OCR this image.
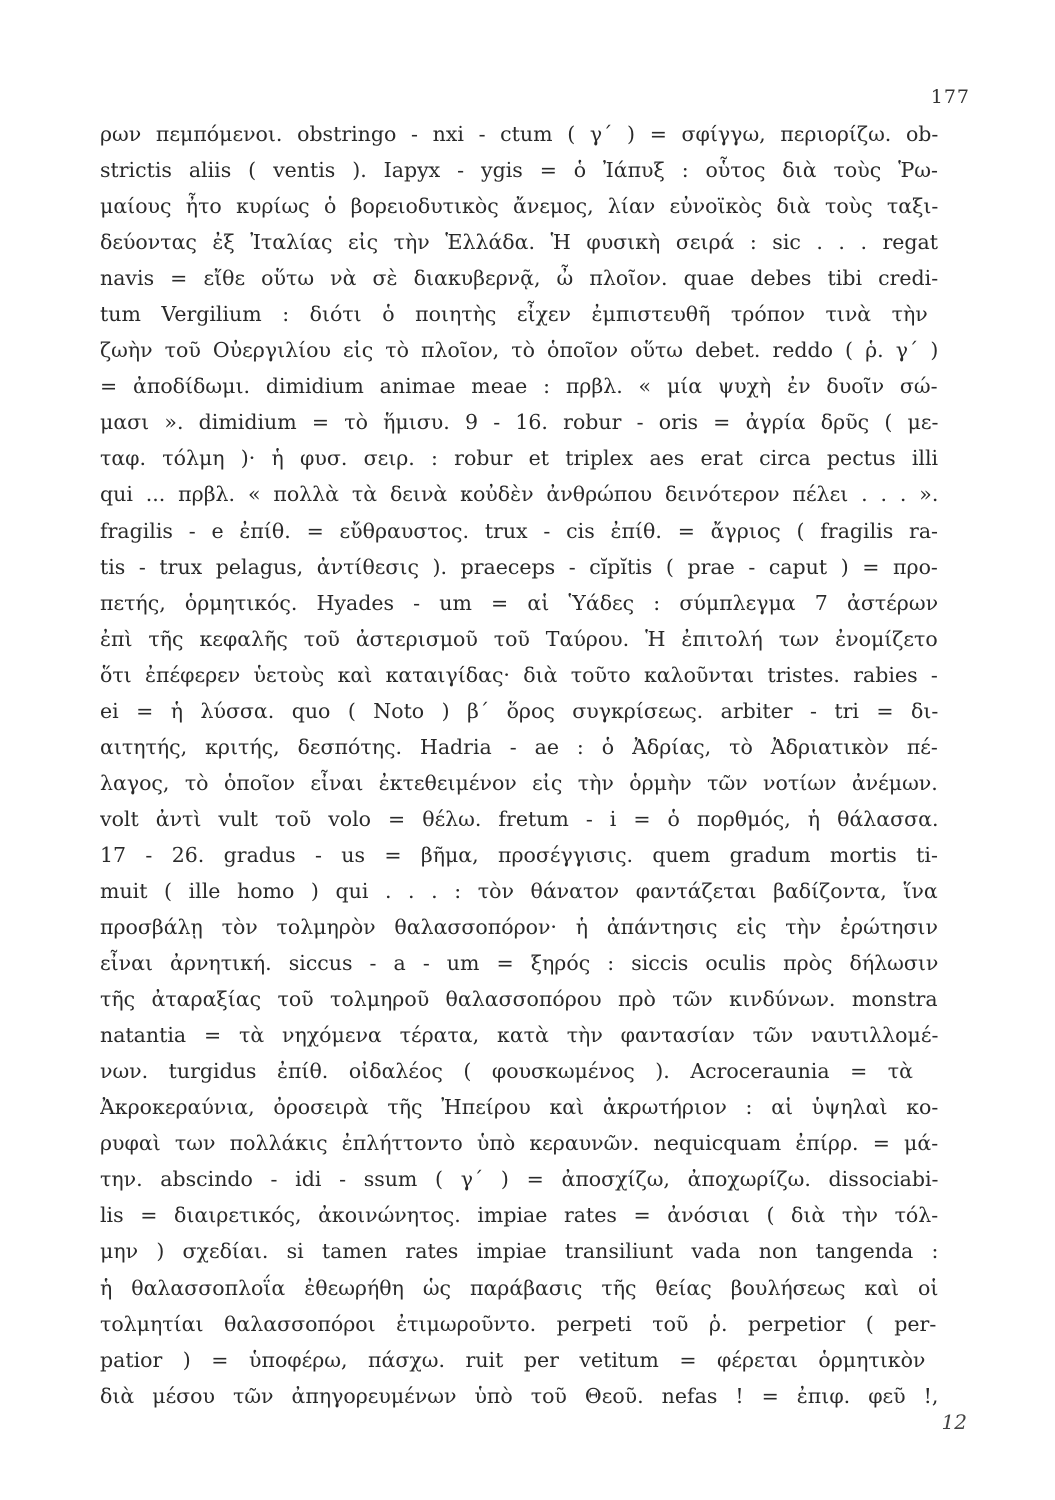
177
ρων πεμπόμενοι. obstringo - nxi - ctum ( γ΄ ) = σφίγγω, περιορίζω. ob-
strictis aliis ( ventis ). Iapyx - ygis = ὁ Ἰάπυξ : οὗτος διὰ τοὺς Ῥω-
μαίους ἦτο κυρίως ὁ βορειοδυτικὸς ἄνεμος, λίαν εὐνοϊκὸς διὰ τοὺς ταξι-
δεύοντας ἐξ Ἰταλίας εἰς τὴν Ἑλλάδα. Ἡ φυσικὴ σειρά : sic . . . regat
navis = εἴθε οὕτω νὰ σὲ διακυβερνᾷ, ὦ πλοῖον. quae debes tibi credi-
tum Vergilium : διότι ὁ ποιητὴς εἶχεν ἐμπιστευθῆ τρόπον τινὰ τὴν
ζωὴν τοῦ Οὐεργιλίου εἰς τὸ πλοῖον, τὸ ὁποῖον οὕτω debet. reddo ( ῥ. γ΄ )
= ἀποδίδωμι. dimidium animae meae : πρβλ. « μία ψυχὴ ἐν δυοῖν σώ-
μασι ». dimidium = τὸ ἥμισυ. 9 - 16. robur - oris = ἀγρία δρῦς ( με-
ταφ. τόλμη )· ἡ φυσ. σειρ. : robur et triplex aes erat circa pectus illi
qui ... πρβλ. « πολλὰ τὰ δεινὰ κοὐδὲν ἀνθρώπου δεινότερον πέλει . . . ».
fragilis - e ἐπίθ. = εὔθραυστος. trux - cis ἐπίθ. = ἄγριος ( fragilis ra-
tis - trux pelagus, ἀντίθεσις ). praeceps - cĭpĭtis ( prae - caput ) = προ-
πετής, ὁρμητικός. Hyades - um = αἱ Ὑάδες : σύμπλεγμα 7 ἀστέρων
ἐπὶ τῆς κεφαλῆς τοῦ ἀστερισμοῦ τοῦ Ταύρου. Ἡ ἐπιτολή των ἐνομίζετο
ὅτι ἐπέφερεν ὑετοὺς καὶ καταιγίδας· διὰ τοῦτο καλοῦνται tristes. rabies -
ei = ἡ λύσσα. quo ( Noto ) β΄ ὅρος συγκρίσεως. arbiter - tri = δι-
αιτητής, κριτής, δεσπότης. Hadria - ae : ὁ Ἀδρίας, τὸ Ἀδριατικὸν πέ-
λαγος, τὸ ὁποῖον εἶναι ἐκτεθειμένον εἰς τὴν ὁρμὴν τῶν νοτίων ἀνέμων.
volt ἀντὶ vult τοῦ volo = θέλω. fretum - i = ὁ πορθμός, ἡ θάλασσα.
17 - 26. gradus - us = βῆμα, προσέγγισις. quem gradum mortis ti-
muit ( ille homo ) qui . . . : τὸν θάνατον φαντάζεται βαδίζοντα, ἵνα
προσβάλῃ τὸν τολμηρὸν θαλασσοπόρον· ἡ ἀπάντησις εἰς τὴν ἐρώτησιν
εἶναι ἀρνητική. siccus - a - um = ξηρός : siccis oculis πρὸς δήλωσιν
τῆς ἀταραξίας τοῦ τολμηροῦ θαλασσοπόρου πρὸ τῶν κινδύνων. monstra
natantia = τὰ νηχόμενα τέρατα, κατὰ τὴν φαντασίαν τῶν ναυτιλλομέ-
νων. turgidus ἐπίθ. οἰδαλέος ( φουσκωμένος ). Acroceraunia = τὰ
Ἀκροκεραύνια, ὀροσειρὰ τῆς Ἠπείρου καὶ ἀκρωτήριον : αἱ ὑψηλαὶ κο-
ρυφαὶ των πολλάκις ἐπλήττοντο ὑπὸ κεραυνῶν. nequicquam ἐπίρρ. = μά-
την. abscindo - idi - ssum ( γ΄ ) = ἀποσχίζω, ἀποχωρίζω. dissociabi-
lis = διαιρετικός, ἀκοινώνητος. impiae rates = ἀνόσιαι ( διὰ τὴν τόλ-
μην ) σχεδίαι. si tamen rates impiae transiliunt vada non tangenda :
ἡ θαλασσοπλοΐα ἐθεωρήθη ὡς παράβασις τῆς θείας βουλήσεως καὶ οἱ
τολμητίαι θαλασσοπόροι ἐτιμωροῦντο. perpeti τοῦ ῥ. perpetior ( per-
patior ) = ὑποφέρω, πάσχω. ruit per vetitum = φέρεται ὁρμητικὸν
διὰ μέσου τῶν ἀπηγορευμένων ὑπὸ τοῦ Θεοῦ. nefas ! = ἐπιφ. φεῦ !,
12
